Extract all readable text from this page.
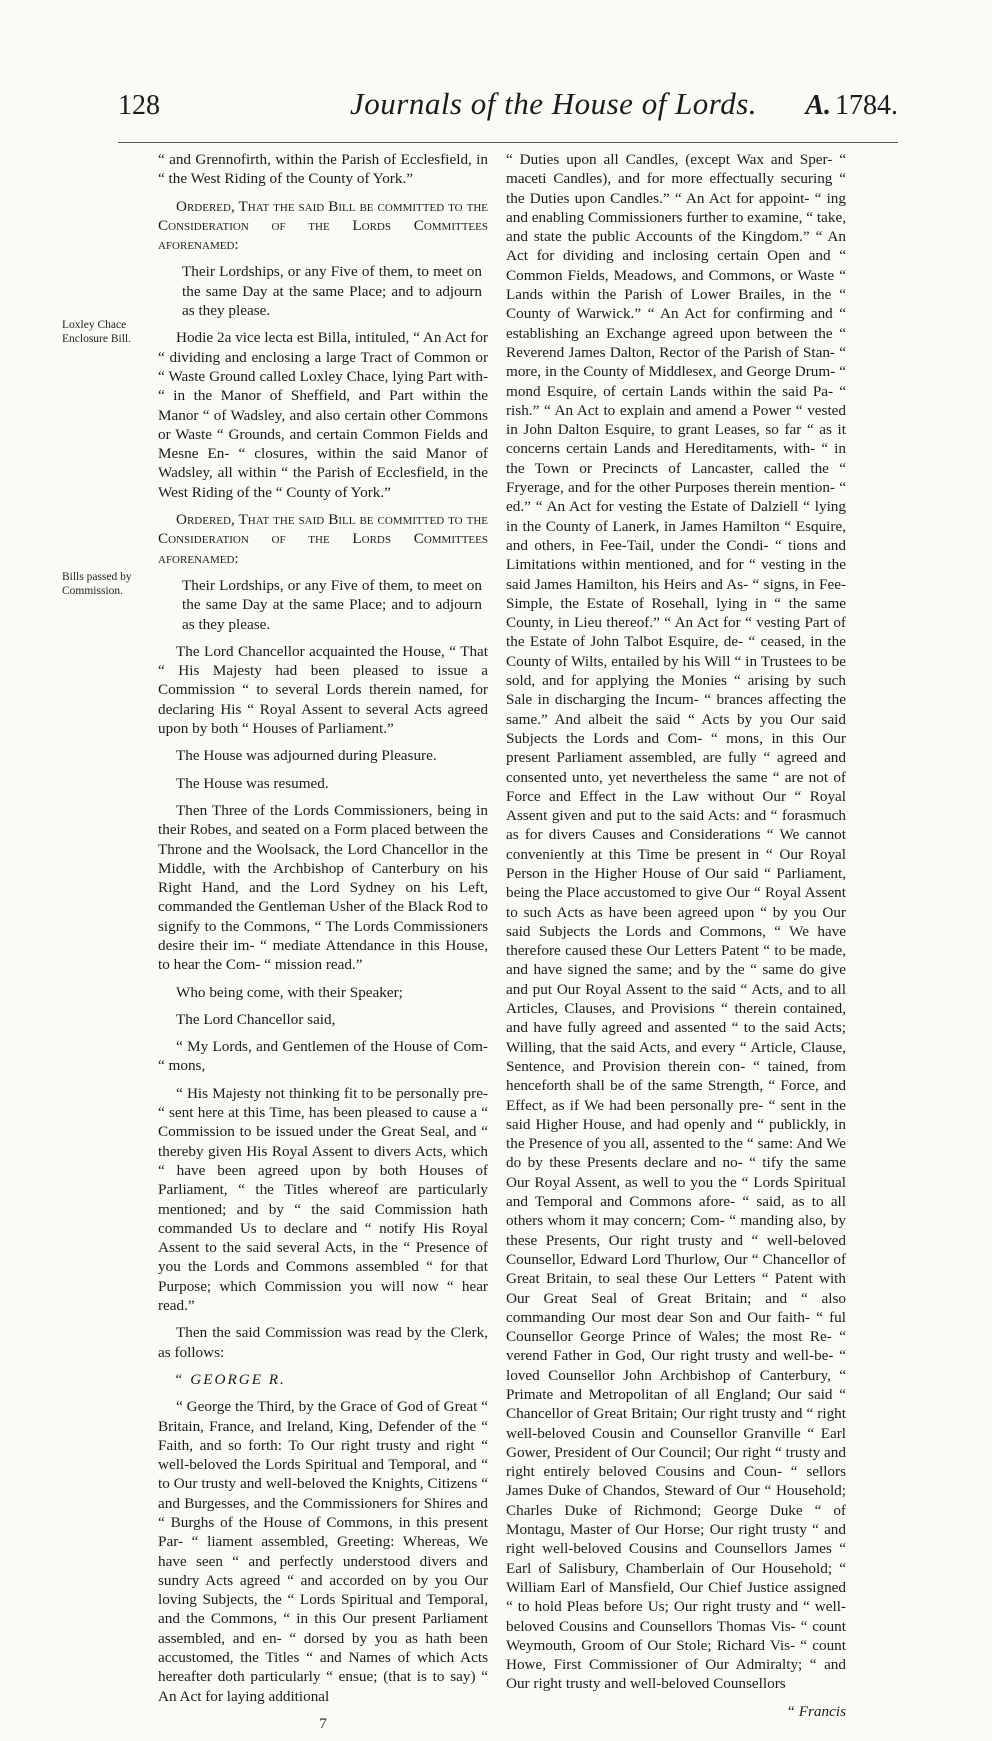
128	Journals of the House of Lords. A. 1784.
Loxley Chace Enclosure Bill.
Bills passed by Commission.

“ and Grennofirth, within the Parish of Ecclesfield, in “ the West Riding of the County of York.”

Ordered, That the said Bill be committed to the Consideration of the Lords Committees aforenamed:

Their Lordships, or any Five of them, to meet on the same Day at the same Place; and to adjourn as they please.

Hodie 2a vice lecta est Billa, intituled, “ An Act for “ dividing and enclosing a large Tract of Common or “ Waste Ground called Loxley Chace, lying Part with- “ in the Manor of Sheffield, and Part within the Manor “ of Wadsley, and also certain other Commons or Waste “ Grounds, and certain Common Fields and Mesne En- “ closures, within the said Manor of Wadsley, all within “ the Parish of Ecclesfield, in the West Riding of the “ County of York.”

Ordered, That the said Bill be committed to the Consideration of the Lords Committees aforenamed:

Their Lordships, or any Five of them, to meet on the same Day at the same Place; and to adjourn as they please.

The Lord Chancellor acquainted the House, “ That “ His Majesty had been pleased to issue a Commission “ to several Lords therein named, for declaring His “ Royal Assent to several Acts agreed upon by both “ Houses of Parliament.”

The House was adjourned during Pleasure.

The House was resumed.

Then Three of the Lords Commissioners, being in their Robes, and seated on a Form placed between the Throne and the Woolsack, the Lord Chancellor in the Middle, with the Archbishop of Canterbury on his Right Hand, and the Lord Sydney on his Left, commanded the Gentleman Usher of the Black Rod to signify to the Commons, “ The Lords Commissioners desire their im- “ mediate Attendance in this House, to hear the Com- “ mission read.”

Who being come, with their Speaker;

The Lord Chancellor said,

“ My Lords, and Gentlemen of the House of Com- “ mons,

“ His Majesty not thinking fit to be personally pre- “ sent here at this Time, has been pleased to cause a “ Commission to be issued under the Great Seal, and “ thereby given His Royal Assent to divers Acts, which “ have been agreed upon by both Houses of Parliament, “ the Titles whereof are particularly mentioned; and by “ the said Commission hath commanded Us to declare and “ notify His Royal Assent to the said several Acts, in the “ Presence of you the Lords and Commons assembled “ for that Purpose; which Commission you will now “ hear read.”

Then the said Commission was read by the Clerk, as follows:

“ GEORGE R.

“ George the Third, by the Grace of God of Great “ Britain, France, and Ireland, King, Defender of the “ Faith, and so forth: To Our right trusty and right “ well-beloved the Lords Spiritual and Temporal, and “ to Our trusty and well-beloved the Knights, Citizens “ and Burgesses, and the Commissioners for Shires and “ Burghs of the House of Commons, in this present Par- “ liament assembled, Greeting: Whereas, We have seen “ and perfectly understood divers and sundry Acts agreed “ and accorded on by you Our loving Subjects, the “ Lords Spiritual and Temporal, and the Commons, “ in this Our present Parliament assembled, and en- “ dorsed by you as hath been accustomed, the Titles “ and Names of which Acts hereafter doth particularly “ ensue; (that is to say) “ An Act for laying additional

7

“ Duties upon all Candles, (except Wax and Sper- “ maceti Candles), and for more effectually securing “ the Duties upon Candles.” “ An Act for appoint- “ ing and enabling Commissioners further to examine, “ take, and state the public Accounts of the Kingdom.” “ An Act for dividing and inclosing certain Open and “ Common Fields, Meadows, and Commons, or Waste “ Lands within the Parish of Lower Brailes, in the “ County of Warwick.” “ An Act for confirming and “ establishing an Exchange agreed upon between the “ Reverend James Dalton, Rector of the Parish of Stan- “ more, in the County of Middlesex, and George Drum- “ mond Esquire, of certain Lands within the said Pa- “ rish.” “ An Act to explain and amend a Power “ vested in John Dalton Esquire, to grant Leases, so far “ as it concerns certain Lands and Hereditaments, with- “ in the Town or Precincts of Lancaster, called the “ Fryerage, and for the other Purposes therein mention- “ ed.” “ An Act for vesting the Estate of Dalziell “ lying in the County of Lanerk, in James Hamilton “ Esquire, and others, in Fee-Tail, under the Condi- “ tions and Limitations within mentioned, and for “ vesting in the said James Hamilton, his Heirs and As- “ signs, in Fee-Simple, the Estate of Rosehall, lying in “ the same County, in Lieu thereof.” “ An Act for “ vesting Part of the Estate of John Talbot Esquire, de- “ ceased, in the County of Wilts, entailed by his Will “ in Trustees to be sold, and for applying the Monies “ arising by such Sale in discharging the Incum- “ brances affecting the same.” And albeit the said “ Acts by you Our said Subjects the Lords and Com- “ mons, in this Our present Parliament assembled, are fully “ agreed and consented unto, yet nevertheless the same “ are not of Force and Effect in the Law without Our “ Royal Assent given and put to the said Acts: and “ forasmuch as for divers Causes and Considerations “ We cannot conveniently at this Time be present in “ Our Royal Person in the Higher House of Our said “ Parliament, being the Place accustomed to give Our “ Royal Assent to such Acts as have been agreed upon “ by you Our said Subjects the Lords and Commons, “ We have therefore caused these Our Letters Patent “ to be made, and have signed the same; and by the “ same do give and put Our Royal Assent to the said “ Acts, and to all Articles, Clauses, and Provisions “ therein contained, and have fully agreed and assented “ to the said Acts; Willing, that the said Acts, and every “ Article, Clause, Sentence, and Provision therein con- “ tained, from henceforth shall be of the same Strength, “ Force, and Effect, as if We had been personally pre- “ sent in the said Higher House, and had openly and “ publickly, in the Presence of you all, assented to the “ same: And We do by these Presents declare and no- “ tify the same Our Royal Assent, as well to you the “ Lords Spiritual and Temporal and Commons afore- “ said, as to all others whom it may concern; Com- “ manding also, by these Presents, Our right trusty and “ well-beloved Counsellor, Edward Lord Thurlow, Our “ Chancellor of Great Britain, to seal these Our Letters “ Patent with Our Great Seal of Great Britain; and “ also commanding Our most dear Son and Our faith- “ ful Counsellor George Prince of Wales; the most Re- “ verend Father in God, Our right trusty and well-be- “ loved Counsellor John Archbishop of Canterbury, “ Primate and Metropolitan of all England; Our said “ Chancellor of Great Britain; Our right trusty and “ right well-beloved Cousin and Counsellor Granville “ Earl Gower, President of Our Council; Our right “ trusty and right entirely beloved Cousins and Coun- “ sellors James Duke of Chandos, Steward of Our “ Household; Charles Duke of Richmond; George Duke “ of Montagu, Master of Our Horse; Our right trusty “ and right well-beloved Cousins and Counsellors James “ Earl of Salisbury, Chamberlain of Our Household; “ William Earl of Mansfield, Our Chief Justice assigned “ to hold Pleas before Us; Our right trusty and “ well-beloved Cousins and Counsellors Thomas Vis- “ count Weymouth, Groom of Our Stole; Richard Vis- “ count Howe, First Commissioner of Our Admiralty; “ and Our right trusty and well-beloved Counsellors

“ Francis
